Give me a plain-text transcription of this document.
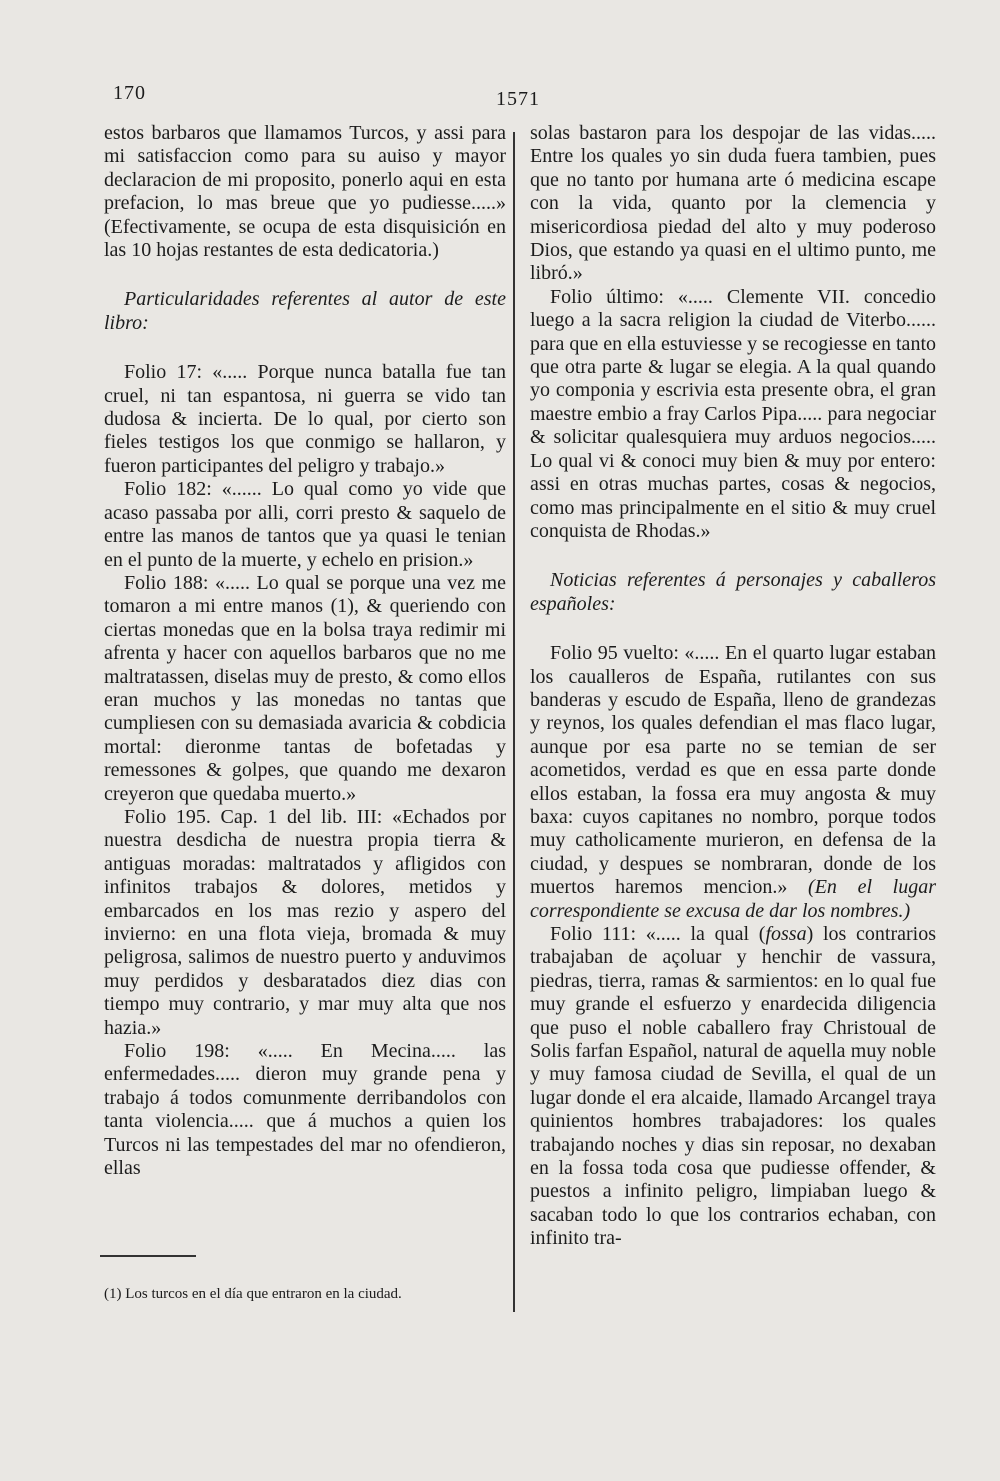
170	1571

estos barbaros que llamamos Turcos, y assi para mi satisfaccion como para su auiso y mayor declaracion de mi proposito, ponerlo aqui en esta prefacion, lo mas breue que yo pudiesse.....» (Efectivamente, se ocupa de esta disquisición en las 10 hojas restantes de esta dedicatoria.)

Particularidades referentes al autor de este libro:

Folio 17: «..... Porque nunca batalla fue tan cruel, ni tan espantosa, ni guerra se vido tan dudosa & incierta. De lo qual, por cierto son fieles testigos los que conmigo se hallaron, y fueron participantes del peligro y trabajo.»

Folio 182: «...... Lo qual como yo vide que acaso passaba por alli, corri presto & saquelo de entre las manos de tantos que ya quasi le tenian en el punto de la muerte, y echelo en prision.»

Folio 188: «..... Lo qual se porque una vez me tomaron a mi entre manos (1), & queriendo con ciertas monedas que en la bolsa traya redimir mi afrenta y hacer con aquellos barbaros que no me maltratassen, diselas muy de presto, & como ellos eran muchos y las monedas no tantas que cumpliesen con su demasiada avaricia & cobdicia mortal: dieronme tantas de bofetadas y remessones & golpes, que quando me dexaron creyeron que quedaba muerto.»

Folio 195. Cap. 1 del lib. III: «Echados por nuestra desdicha de nuestra propia tierra & antiguas moradas: maltratados y afligidos con infinitos trabajos & dolores, metidos y embarcados en los mas rezio y aspero del invierno: en una flota vieja, bromada & muy peligrosa, salimos de nuestro puerto y anduvimos muy perdidos y desbaratados diez dias con tiempo muy contrario, y mar muy alta que nos hazia.»

Folio 198: «..... En Mecina..... las enfermedades..... dieron muy grande pena y trabajo á todos comunmente derribandolos con tanta violencia..... que á muchos a quien los Turcos ni las tempestades del mar no ofendieron, ellas

solas bastaron para los despojar de las vidas..... Entre los quales yo sin duda fuera tambien, pues que no tanto por humana arte ó medicina escape con la vida, quanto por la clemencia y misericordiosa piedad del alto y muy poderoso Dios, que estando ya quasi en el ultimo punto, me libró.»

Folio último: «..... Clemente VII. concedio luego a la sacra religion la ciudad de Viterbo...... para que en ella estuviesse y se recogiesse en tanto que otra parte & lugar se elegia. A la qual quando yo componia y escrivia esta presente obra, el gran maestre embio a fray Carlos Pipa..... para negociar & solicitar qualesquiera muy arduos negocios..... Lo qual vi & conoci muy bien & muy por entero: assi en otras muchas partes, cosas & negocios, como mas principalmente en el sitio & muy cruel conquista de Rhodas.»

Noticias referentes á personajes y caballeros españoles:

Folio 95 vuelto: «..... En el quarto lugar estaban los caualleros de España, rutilantes con sus banderas y escudo de España, lleno de grandezas y reynos, los quales defendian el mas flaco lugar, aunque por esa parte no se temian de ser acometidos, verdad es que en essa parte donde ellos estaban, la fossa era muy angosta & muy baxa: cuyos capitanes no nombro, porque todos muy catholicamente murieron, en defensa de la ciudad, y despues se nombraran, donde de los muertos haremos mencion.» (En el lugar correspondiente se excusa de dar los nombres.)

Folio 111: «..... la qual (fossa) los contrarios trabajaban de açoluar y henchir de vassura, piedras, tierra, ramas & sarmientos: en lo qual fue muy grande el esfuerzo y enardecida diligencia que puso el noble caballero fray Christoual de Solis farfan Español, natural de aquella muy noble y muy famosa ciudad de Sevilla, el qual de un lugar donde el era alcaide, llamado Arcangel traya quinientos hombres trabajadores: los quales trabajando noches y dias sin reposar, no dexaban en la fossa toda cosa que pudiesse offender, & puestos a infinito peligro, limpiaban luego & sacaban todo lo que los contrarios echaban, con infinito tra-

(1) Los turcos en el día que entraron en la ciudad.
